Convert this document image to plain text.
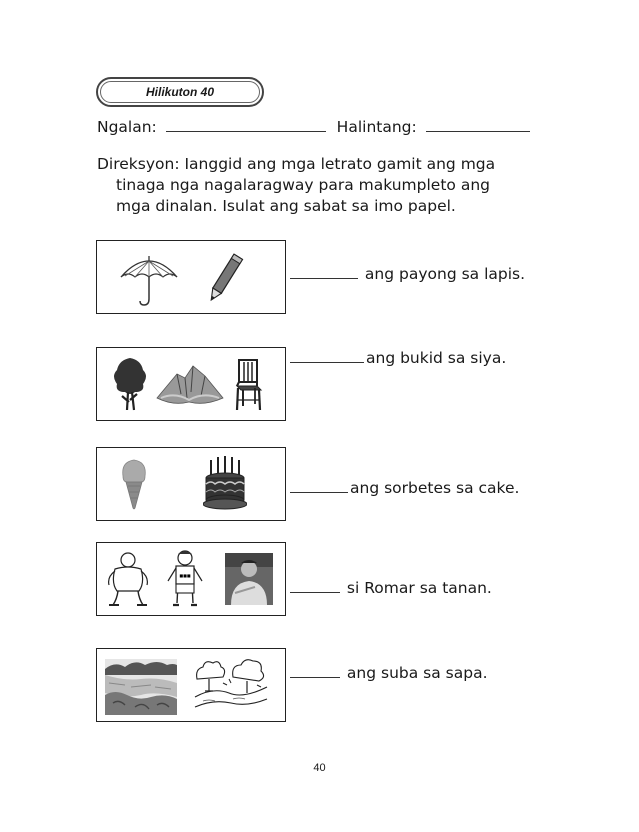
Hilikuton 40
Ngalan:	Halintang:
Direksyon: Ianggid ang mga letrato gamit ang mga
tinaga nga nagalaragway para makumpleto ang
mga dinalan. Isulat ang sabat sa imo papel.
ang payong sa lapis.
ang bukid sa siya.
ang sorbetes sa cake.
■■■
si Romar sa tanan.
ang suba sa sapa.
40
